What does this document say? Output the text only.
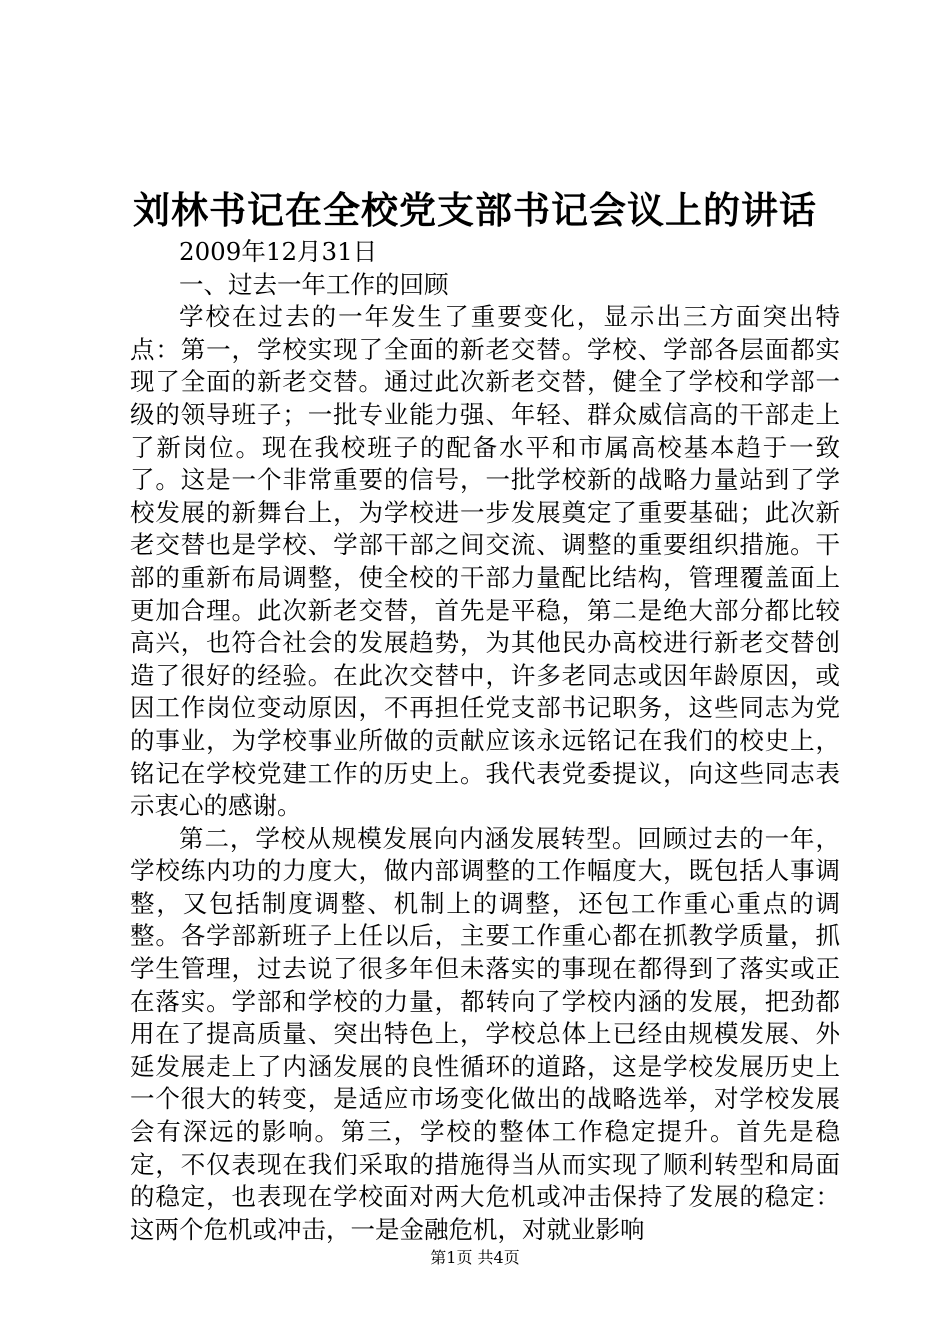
刘林书记在全校党支部书记会议上的讲话

2009年12月31日

一、过去一年工作的回顾

学校在过去的一年发生了重要变化，显示出三方面突出特点：第一，学校实现了全面的新老交替。学校、学部各层面都实现了全面的新老交替。通过此次新老交替，健全了学校和学部一级的领导班子；一批专业能力强、年轻、群众威信高的干部走上了新岗位。现在我校班子的配备水平和市属高校基本趋于一致了。这是一个非常重要的信号，一批学校新的战略力量站到了学校发展的新舞台上，为学校进一步发展奠定了重要基础；此次新老交替也是学校、学部干部之间交流、调整的重要组织措施。干部的重新布局调整，使全校的干部力量配比结构，管理覆盖面上更加合理。此次新老交替，首先是平稳，第二是绝大部分都比较高兴，也符合社会的发展趋势，为其他民办高校进行新老交替创造了很好的经验。在此次交替中，许多老同志或因年龄原因，或因工作岗位变动原因，不再担任党支部书记职务，这些同志为党的事业，为学校事业所做的贡献应该永远铭记在我们的校史上，铭记在学校党建工作的历史上。我代表党委提议，向这些同志表示衷心的感谢。

第二，学校从规模发展向内涵发展转型。回顾过去的一年，学校练内功的力度大，做内部调整的工作幅度大，既包括人事调整，又包括制度调整、机制上的调整，还包工作重心重点的调整。各学部新班子上任以后，主要工作重心都在抓教学质量，抓学生管理，过去说了很多年但未落实的事现在都得到了落实或正在落实。学部和学校的力量，都转向了学校内涵的发展，把劲都用在了提高质量、突出特色上，学校总体上已经由规模发展、外延发展走上了内涵发展的良性循环的道路，这是学校发展历史上一个很大的转变，是适应市场变化做出的战略选举，对学校发展会有深远的影响。第三，学校的整体工作稳定提升。首先是稳定，不仅表现在我们采取的措施得当从而实现了顺利转型和局面的稳定，也表现在学校面对两大危机或冲击保持了发展的稳定：这两个危机或冲击，一是金融危机，对就业影响

第1页 共4页
